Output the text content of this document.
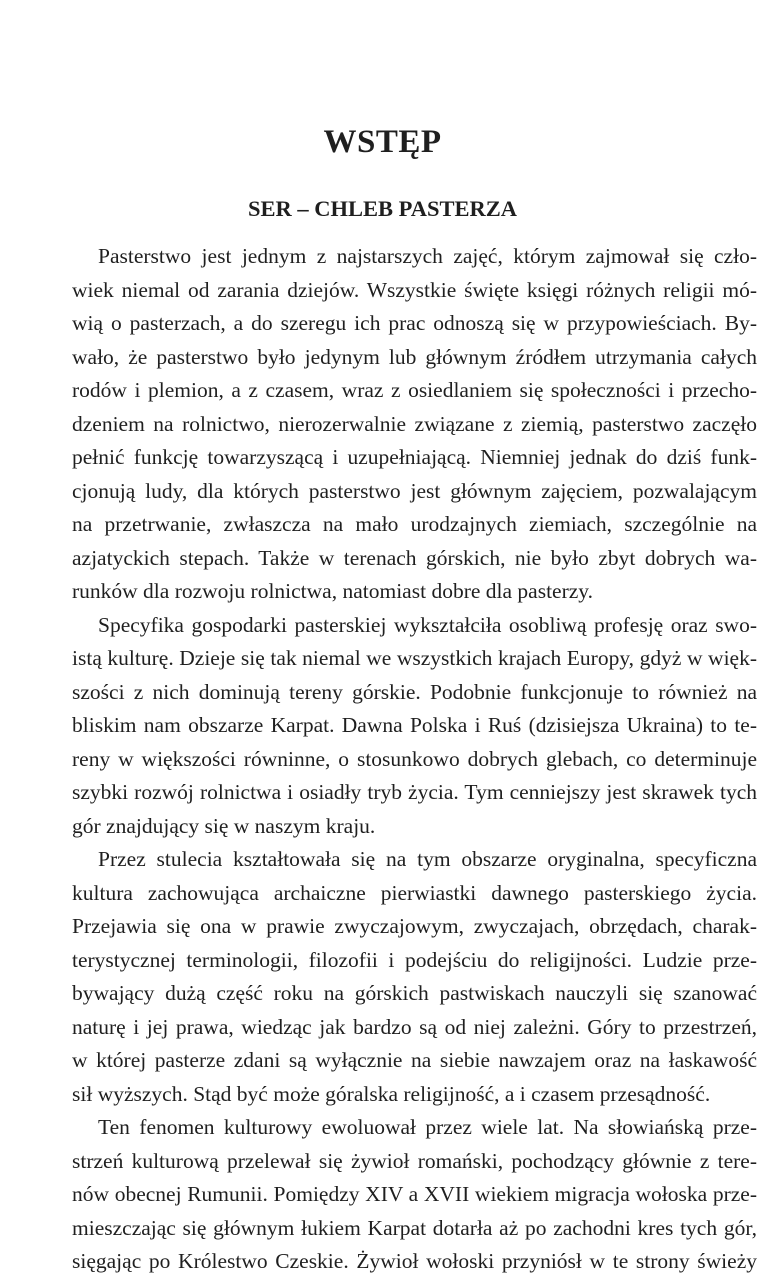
WSTĘP
SER – CHLEB PASTERZA
Pasterstwo jest jednym z najstarszych zajęć, którym zajmował się czło-
wiek niemal od zarania dziejów. Wszystkie święte księgi różnych religii mó-
wią o pasterzach, a do szeregu ich prac odnoszą się w przypowieściach. By-
wało, że pasterstwo było jedynym lub głównym źródłem utrzymania całych
rodów i plemion, a z czasem, wraz z osiedlaniem się społeczności i przecho-
dzeniem na rolnictwo, nierozerwalnie związane z ziemią, pasterstwo zaczęło
pełnić funkcję towarzyszącą i uzupełniającą. Niemniej jednak do dziś funk-
cjonują ludy, dla których pasterstwo jest głównym zajęciem, pozwalającym
na przetrwanie, zwłaszcza na mało urodzajnych ziemiach, szczególnie na
azjatyckich stepach. Także w terenach górskich, nie było zbyt dobrych wa-
runków dla rozwoju rolnictwa, natomiast dobre dla pasterzy.
Specyfika gospodarki pasterskiej wykształciła osobliwą profesję oraz swo-
istą kulturę. Dzieje się tak niemal we wszystkich krajach Europy, gdyż w więk-
szości z nich dominują tereny górskie. Podobnie funkcjonuje to również na
bliskim nam obszarze Karpat. Dawna Polska i Ruś (dzisiejsza Ukraina) to te-
reny w większości równinne, o stosunkowo dobrych glebach, co determinuje
szybki rozwój rolnictwa i osiadły tryb życia. Tym cenniejszy jest skrawek tych
gór znajdujący się w naszym kraju.
Przez stulecia kształtowała się na tym obszarze oryginalna, specyficzna
kultura zachowująca archaiczne pierwiastki dawnego pasterskiego życia.
Przejawia się ona w prawie zwyczajowym, zwyczajach, obrzędach, charak-
terystycznej terminologii, filozofii i podejściu do religijności. Ludzie prze-
bywający dużą część roku na górskich pastwiskach nauczyli się szanować
naturę i jej prawa, wiedząc jak bardzo są od niej zależni. Góry to przestrzeń,
w której pasterze zdani są wyłącznie na siebie nawzajem oraz na łaskawość
sił wyższych. Stąd być może góralska religijność, a i czasem przesądność.
Ten fenomen kulturowy ewoluował przez wiele lat. Na słowiańską prze-
strzeń kulturową przelewał się żywioł romański, pochodzący głównie z tere-
nów obecnej Rumunii. Pomiędzy XIV a XVII wiekiem migracja wołoska prze-
mieszczając się głównym łukiem Karpat dotarła aż po zachodni kres tych gór,
sięgając po Królestwo Czeskie. Żywioł wołoski przyniósł w te strony świeży
